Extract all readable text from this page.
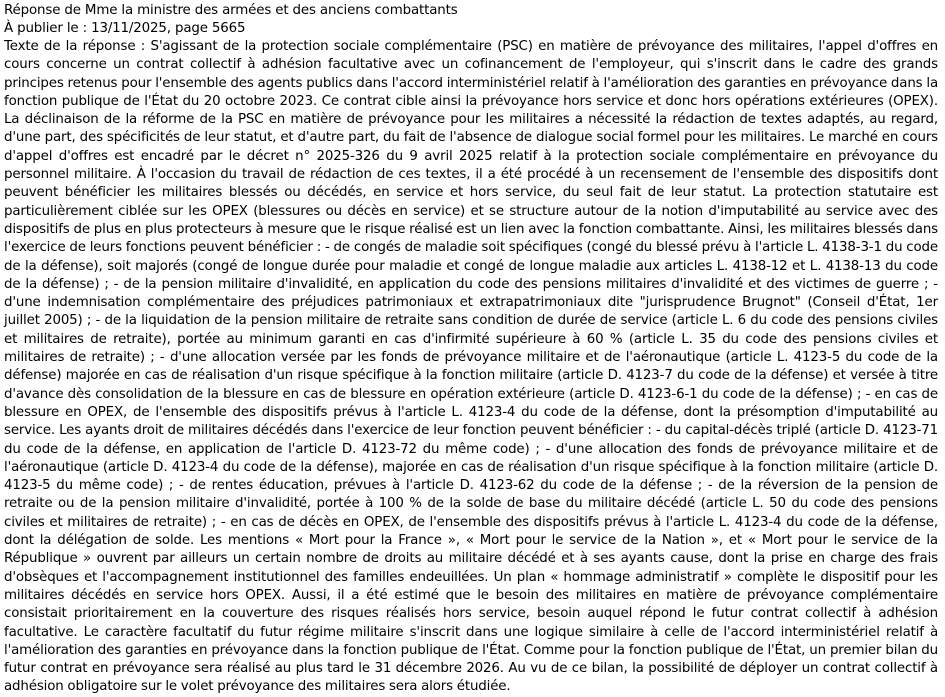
Réponse de Mme la ministre des armées et des anciens combattants

À publier le : 13/11/2025, page 5665

Texte de la réponse : S'agissant de la protection sociale complémentaire (PSC) en matière de prévoyance des militaires, l'appel d'offres en cours concerne un contrat collectif à adhésion facultative avec un cofinancement de l'employeur, qui s'inscrit dans le cadre des grands principes retenus pour l'ensemble des agents publics dans l'accord interministériel relatif à l'amélioration des garanties en prévoyance dans la fonction publique de l'État du 20 octobre 2023. Ce contrat cible ainsi la prévoyance hors service et donc hors opérations extérieures (OPEX). La déclinaison de la réforme de la PSC en matière de prévoyance pour les militaires a nécessité la rédaction de textes adaptés, au regard, d'une part, des spécificités de leur statut, et d'autre part, du fait de l'absence de dialogue social formel pour les militaires. Le marché en cours d'appel d'offres est encadré par le décret n° 2025-326 du 9 avril 2025 relatif à la protection sociale complémentaire en prévoyance du personnel militaire. À l'occasion du travail de rédaction de ces textes, il a été procédé à un recensement de l'ensemble des dispositifs dont peuvent bénéficier les militaires blessés ou décédés, en service et hors service, du seul fait de leur statut. La protection statutaire est particulièrement ciblée sur les OPEX (blessures ou décès en service) et se structure autour de la notion d'imputabilité au service avec des dispositifs de plus en plus protecteurs à mesure que le risque réalisé est un lien avec la fonction combattante. Ainsi, les militaires blessés dans l'exercice de leurs fonctions peuvent bénéficier : - de congés de maladie soit spécifiques (congé du blessé prévu à l'article L. 4138-3-1 du code de la défense), soit majorés (congé de longue durée pour maladie et congé de longue maladie aux articles L. 4138-12 et L. 4138-13 du code de la défense) ; - de la pension militaire d'invalidité, en application du code des pensions militaires d'invalidité et des victimes de guerre ; - d'une indemnisation complémentaire des préjudices patrimoniaux et extrapatrimoniaux dite "jurisprudence Brugnot" (Conseil d'État, 1er juillet 2005) ; - de la liquidation de la pension militaire de retraite sans condition de durée de service (article L. 6 du code des pensions civiles et militaires de retraite), portée au minimum garanti en cas d'infirmité supérieure à 60 % (article L. 35 du code des pensions civiles et militaires de retraite) ; - d'une allocation versée par les fonds de prévoyance militaire et de l'aéronautique (article L. 4123-5 du code de la défense) majorée en cas de réalisation d'un risque spécifique à la fonction militaire (article D. 4123-7 du code de la défense) et versée à titre d'avance dès consolidation de la blessure en cas de blessure en opération extérieure (article D. 4123-6-1 du code de la défense) ; - en cas de blessure en OPEX, de l'ensemble des dispositifs prévus à l'article L. 4123-4 du code de la défense, dont la présomption d'imputabilité au service. Les ayants droit de militaires décédés dans l'exercice de leur fonction peuvent bénéficier : - du capital-décès triplé (article D. 4123-71 du code de la défense, en application de l'article D. 4123-72 du même code) ; - d'une allocation des fonds de prévoyance militaire et de l'aéronautique (article D. 4123-4 du code de la défense), majorée en cas de réalisation d'un risque spécifique à la fonction militaire (article D. 4123-5 du même code) ; - de rentes éducation, prévues à l'article D. 4123-62 du code de la défense ; - de la réversion de la pension de retraite ou de la pension militaire d'invalidité, portée à 100 % de la solde de base du militaire décédé (article L. 50 du code des pensions civiles et militaires de retraite) ; - en cas de décès en OPEX, de l'ensemble des dispositifs prévus à l'article L. 4123-4 du code de la défense, dont la délégation de solde. Les mentions « Mort pour la France », « Mort pour le service de la Nation », et « Mort pour le service de la République » ouvrent par ailleurs un certain nombre de droits au militaire décédé et à ses ayants cause, dont la prise en charge des frais d'obsèques et l'accompagnement institutionnel des familles endeuillées. Un plan « hommage administratif » complète le dispositif pour les militaires décédés en service hors OPEX. Aussi, il a été estimé que le besoin des militaires en matière de prévoyance complémentaire consistait prioritairement en la couverture des risques réalisés hors service, besoin auquel répond le futur contrat collectif à adhésion facultative. Le caractère facultatif du futur régime militaire s'inscrit dans une logique similaire à celle de l'accord interministériel relatif à l'amélioration des garanties en prévoyance dans la fonction publique de l'État. Comme pour la fonction publique de l'État, un premier bilan du futur contrat en prévoyance sera réalisé au plus tard le 31 décembre 2026. Au vu de ce bilan, la possibilité de déployer un contrat collectif à adhésion obligatoire sur le volet prévoyance des militaires sera alors étudiée.
